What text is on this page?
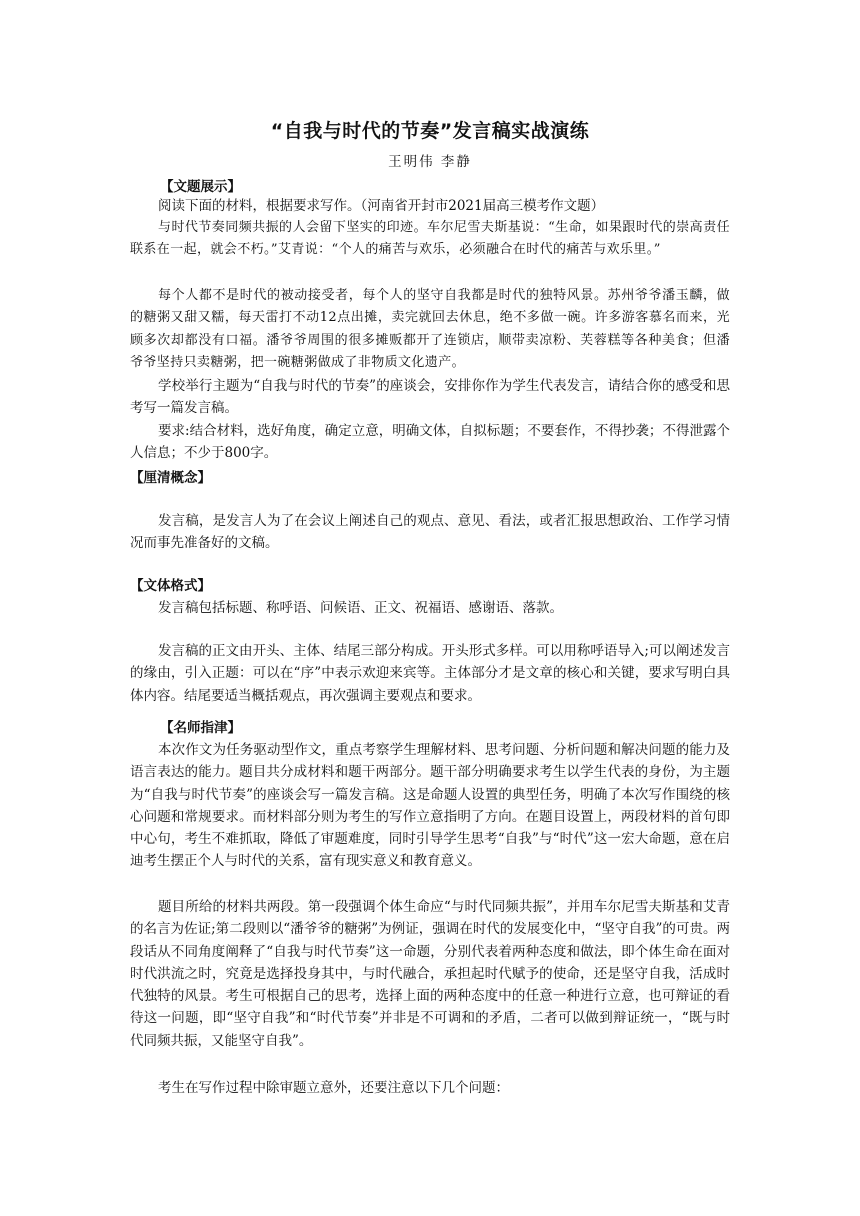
“自我与时代的节奏”发言稿实战演练
王明伟 李静
【文题展示】
阅读下面的材料，根据要求写作。（河南省开封市2021届高三模考作文题）
与时代节奏同频共振的人会留下坚实的印迹。车尔尼雪夫斯基说：“生命，如果跟时代的崇高责任联系在一起，就会不朽。”艾青说：“个人的痛苦与欢乐，必须融合在时代的痛苦与欢乐里。”
每个人都不是时代的被动接受者，每个人的坚守自我都是时代的独特风景。苏州爷爷潘玉麟，做的糖粥又甜又糯，每天雷打不动12点出摊，卖完就回去休息，绝不多做一碗。许多游客慕名而来，光顾多次却都没有口福。潘爷爷周围的很多摊贩都开了连锁店，顺带卖凉粉、芙蓉糕等各种美食；但潘爷爷坚持只卖糖粥，把一碗糖粥做成了非物质文化遗产。
学校举行主题为“自我与时代的节奏”的座谈会，安排你作为学生代表发言，请结合你的感受和思考写一篇发言稿。
要求:结合材料，选好角度，确定立意，明确文体，自拟标题；不要套作，不得抄袭；不得泄露个人信息；不少于800字。
【厘清概念】
发言稿，是发言人为了在会议上阐述自己的观点、意见、看法，或者汇报思想政治、工作学习情况而事先准备好的文稿。
【文体格式】
发言稿包括标题、称呼语、问候语、正文、祝福语、感谢语、落款。
发言稿的正文由开头、主体、结尾三部分构成。开头形式多样。可以用称呼语导入;可以阐述发言的缘由，引入正题：可以在“序”中表示欢迎来宾等。主体部分才是文章的核心和关键，要求写明白具体内容。结尾要适当概括观点，再次强调主要观点和要求。
【名师指津】
本次作文为任务驱动型作文，重点考察学生理解材料、思考问题、分析问题和解决问题的能力及语言表达的能力。题目共分成材料和题干两部分。题干部分明确要求考生以学生代表的身份，为主题为“自我与时代节奏”的座谈会写一篇发言稿。这是命题人设置的典型任务，明确了本次写作围绕的核心问题和常规要求。而材料部分则为考生的写作立意指明了方向。在题目设置上，两段材料的首句即中心句，考生不难抓取，降低了审题难度，同时引导学生思考“自我”与“时代”这一宏大命题，意在启迪考生摆正个人与时代的关系，富有现实意义和教育意义。
题目所给的材料共两段。第一段强调个体生命应“与时代同频共振”，并用车尔尼雪夫斯基和艾青的名言为佐证;第二段则以“潘爷爷的糖粥”为例证，强调在时代的发展变化中，“坚守自我”的可贵。两段话从不同角度阐释了“自我与时代节奏”这一命题，分别代表着两种态度和做法，即个体生命在面对时代洪流之时，究竟是选择投身其中，与时代融合，承担起时代赋予的使命，还是坚守自我，活成时代独特的风景。考生可根据自己的思考，选择上面的两种态度中的任意一种进行立意，也可辩证的看待这一问题，即“坚守自我”和“时代节奏”并非是不可调和的矛盾，二者可以做到辩证统一，“既与时代同频共振，又能坚守自我”。
考生在写作过程中除审题立意外，还要注意以下几个问题：
